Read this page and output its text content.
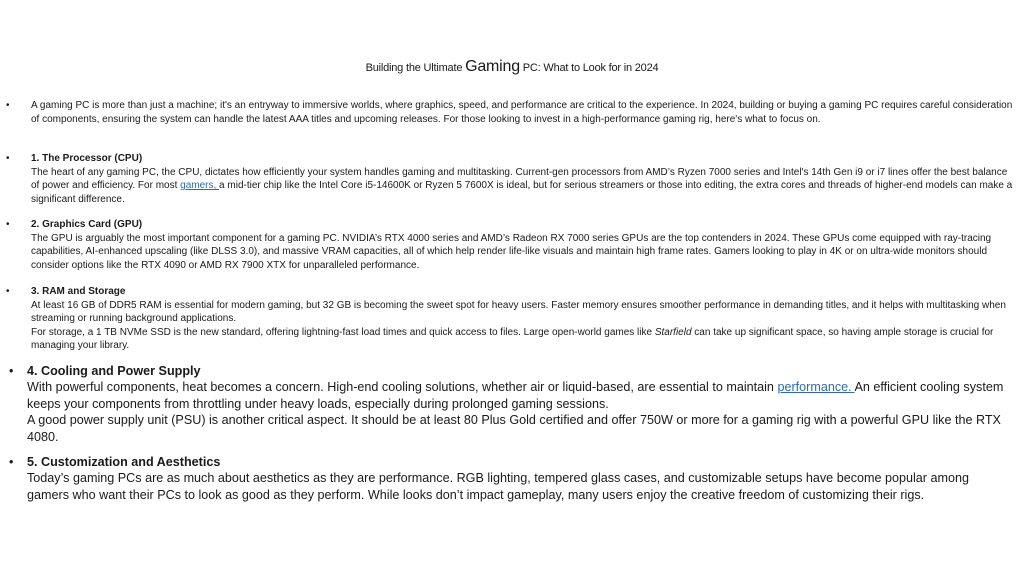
Building the Ultimate Gaming PC: What to Look for in 2024
• A gaming PC is more than just a machine; it's an entryway to immersive worlds, where graphics, speed, and performance are critical to the experience. In 2024, building or buying a gaming PC requires careful consideration of components, ensuring the system can handle the latest AAA titles and upcoming releases. For those looking to invest in a high-performance gaming rig, here's what to focus on.

• 1. The Processor (CPU)

The heart of any gaming PC, the CPU, dictates how efficiently your system handles gaming and multitasking. Current-gen processors from AMD’s Ryzen 7000 series and Intel's 14th Gen i9 or i7 lines offer the best balance of power and efficiency. For most gamers, a mid-tier chip like the Intel Core i5-14600K or Ryzen 5 7600X is ideal, but for serious streamers or those into editing, the extra cores and threads of higher-end models can make a significant difference.

• 2. Graphics Card (GPU)

The GPU is arguably the most important component for a gaming PC. NVIDIA’s RTX 4000 series and AMD’s Radeon RX 7000 series GPUs are the top contenders in 2024. These GPUs come equipped with ray-tracing capabilities, AI-enhanced upscaling (like DLSS 3.0), and massive VRAM capacities, all of which help render life-like visuals and maintain high frame rates. Gamers looking to play in 4K or on ultra-wide monitors should consider options like the RTX 4090 or AMD RX 7900 XTX for unparalleled performance.

• 3. RAM and Storage

At least 16 GB of DDR5 RAM is essential for modern gaming, but 32 GB is becoming the sweet spot for heavy users. Faster memory ensures smoother performance in demanding titles, and it helps with multitasking when streaming or running background applications.

For storage, a 1 TB NVMe SSD is the new standard, offering lightning-fast load times and quick access to files. Large open-world games like Starfield can take up significant space, so having ample storage is crucial for managing your library.

• 4. Cooling and Power Supply

With powerful components, heat becomes a concern. High-end cooling solutions, whether air or liquid-based, are essential to maintain performance. An efficient cooling system keeps your components from throttling under heavy loads, especially during prolonged gaming sessions.

A good power supply unit (PSU) is another critical aspect. It should be at least 80 Plus Gold certified and offer 750W or more for a gaming rig with a powerful GPU like the RTX 4080.

• 5. Customization and Aesthetics

Today’s gaming PCs are as much about aesthetics as they are performance. RGB lighting, tempered glass cases, and customizable setups have become popular among gamers who want their PCs to look as good as they perform. While looks don’t impact gameplay, many users enjoy the creative freedom of customizing their rigs.
